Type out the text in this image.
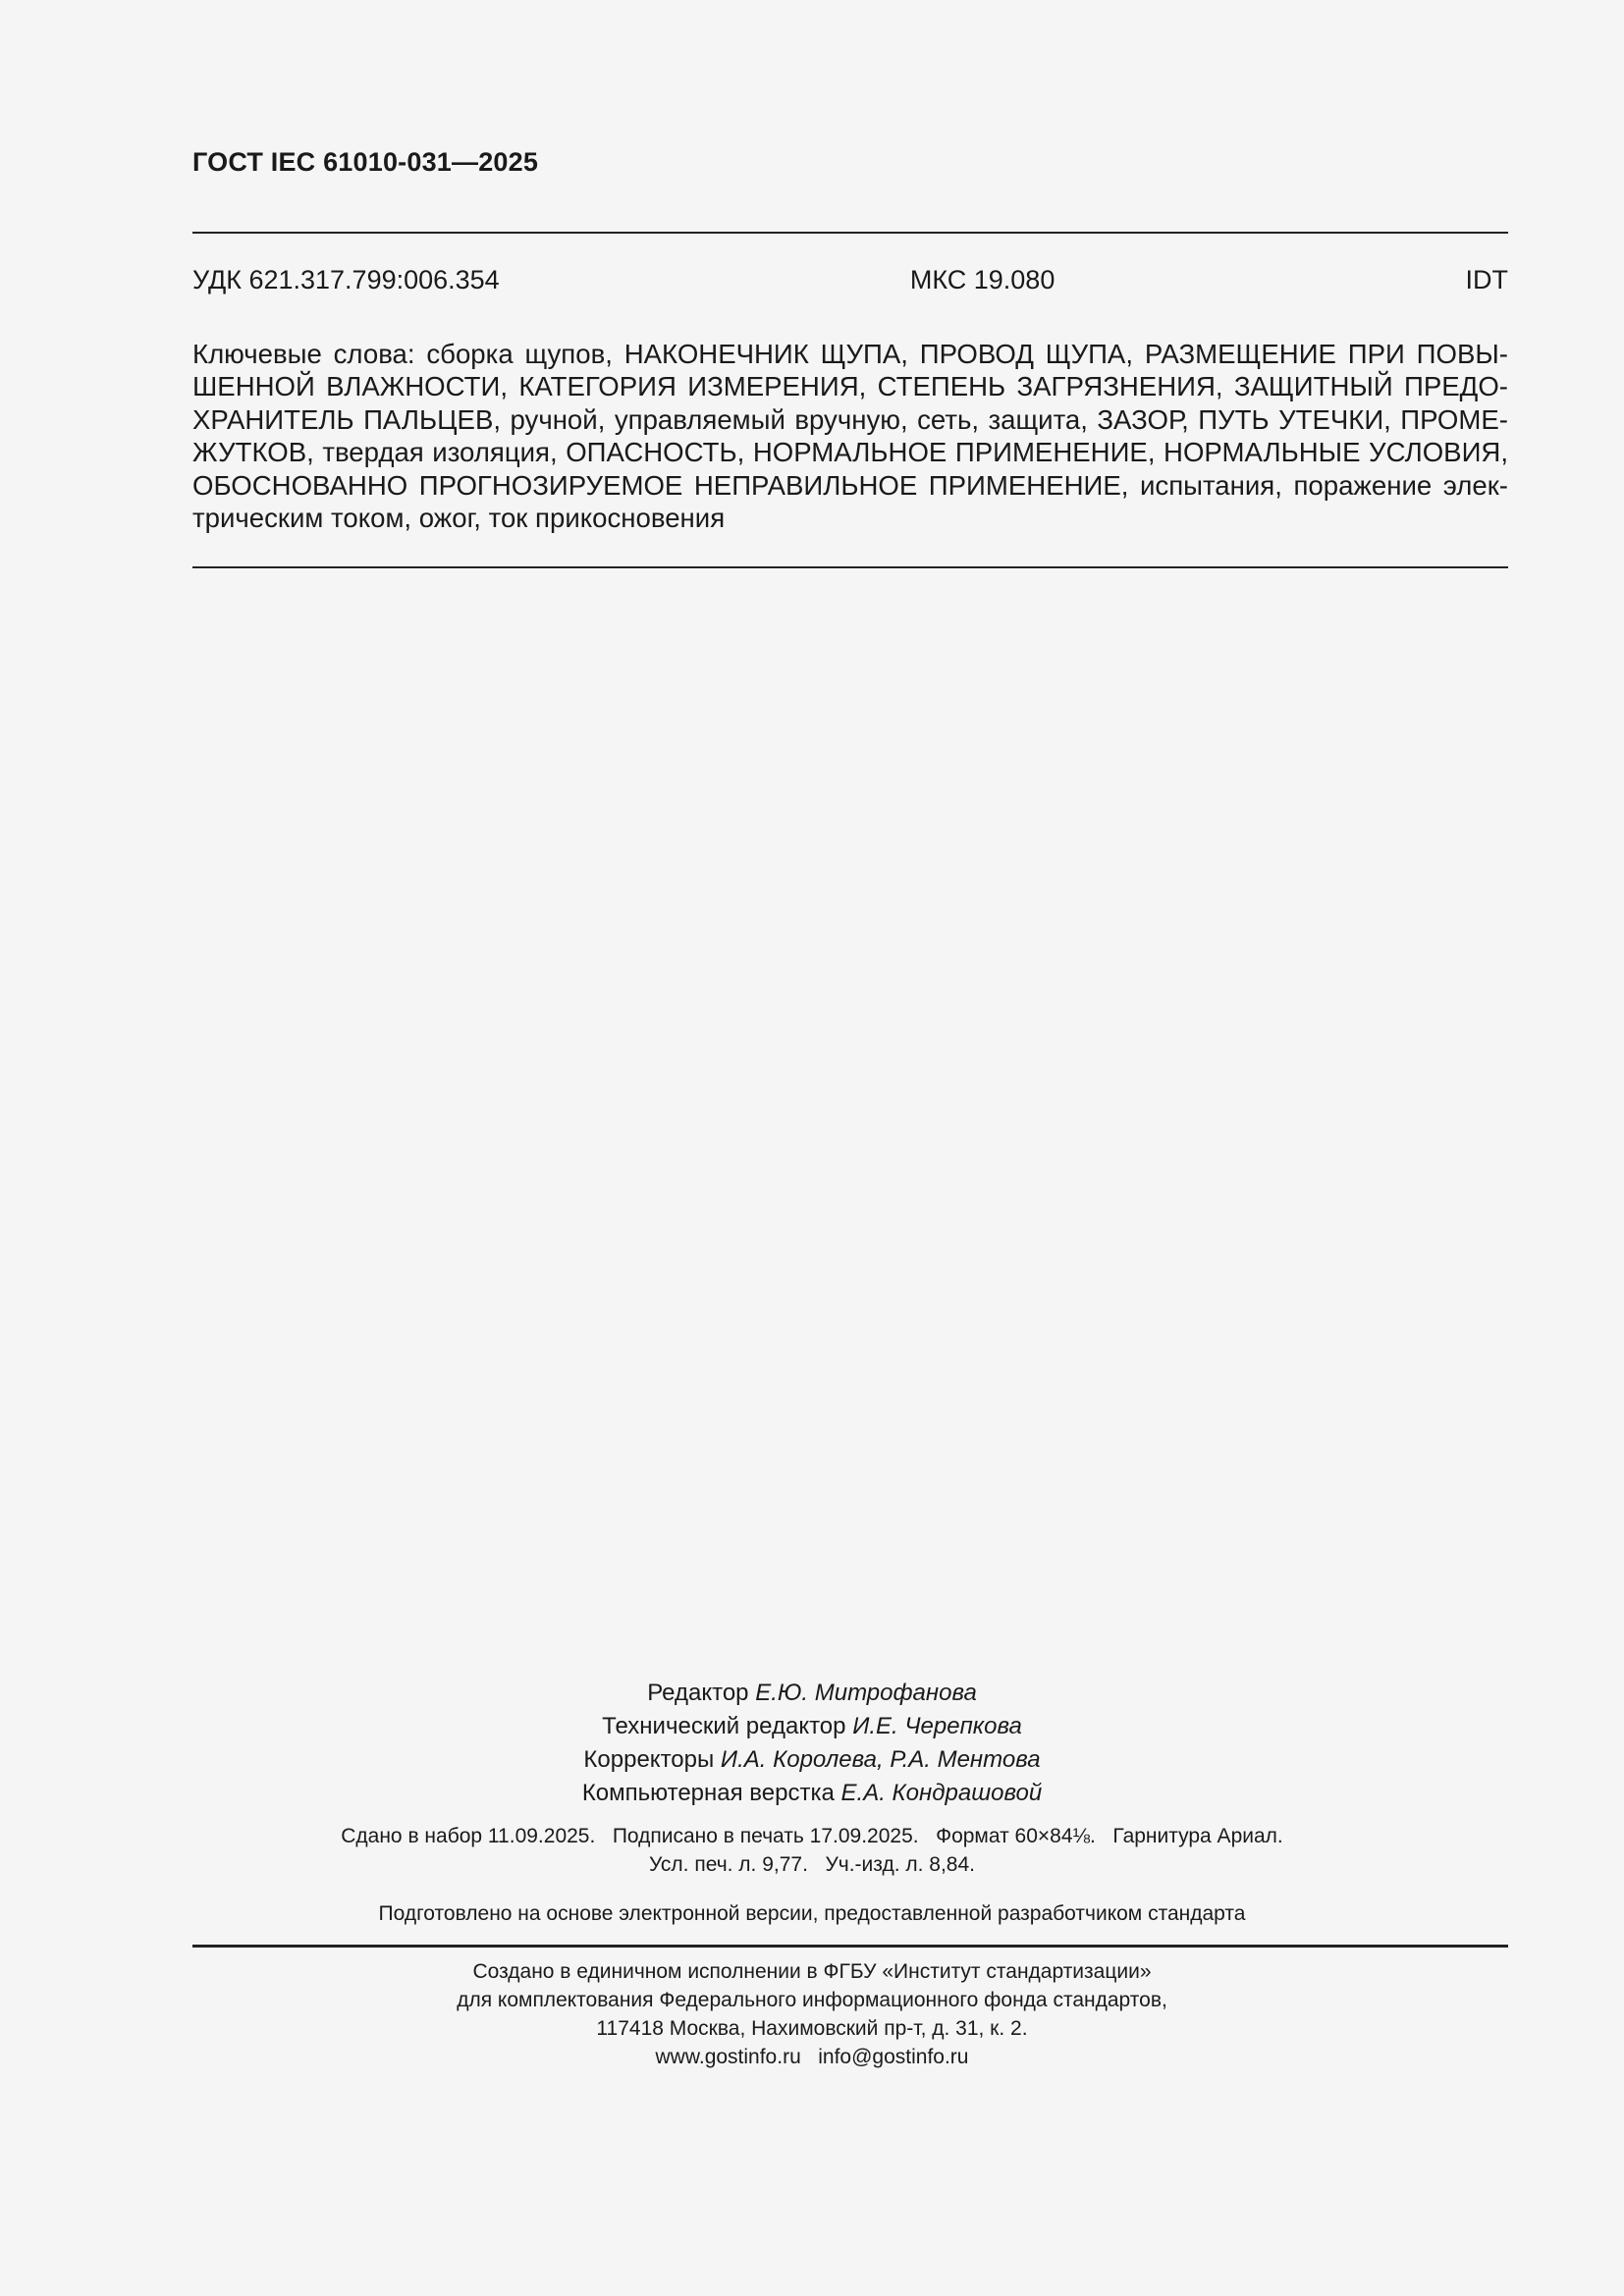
ГОСТ IEC 61010-031—2025
УДК 621.317.799:006.354	МКС 19.080	IDT
Ключевые слова: сборка щупов, НАКОНЕЧНИК ЩУПА, ПРОВОД ЩУПА, РАЗМЕЩЕНИЕ ПРИ ПОВЫШЕННОЙ ВЛАЖНОСТИ, КАТЕГОРИЯ ИЗМЕРЕНИЯ, СТЕПЕНЬ ЗАГРЯЗНЕНИЯ, ЗАЩИТНЫЙ ПРЕДОХРАНИТЕЛЬ ПАЛЬЦЕВ, ручной, управляемый вручную, сеть, защита, ЗАЗОР, ПУТЬ УТЕЧКИ, ПРОМЕЖУТКОВ, твердая изоляция, ОПАСНОСТЬ, НОРМАЛЬНОЕ ПРИМЕНЕНИЕ, НОРМАЛЬНЫЕ УСЛОВИЯ, ОБОСНОВАННО ПРОГНОЗИРУЕМОЕ НЕПРАВИЛЬНОЕ ПРИМЕНЕНИЕ, испытания, поражение электрическим током, ожог, ток прикосновения
Редактор Е.Ю. Митрофанова
Технический редактор И.Е. Черепкова
Корректоры И.А. Королева, Р.А. Ментова
Компьютерная верстка Е.А. Кондрашовой
Сдано в набор 11.09.2025.   Подписано в печать 17.09.2025.   Формат 60×84⅛.   Гарнитура Ариал.
Усл. печ. л. 9,77.   Уч.-изд. л. 8,84.
Подготовлено на основе электронной версии, предоставленной разработчиком стандарта
Создано в единичном исполнении в ФГБУ «Институт стандартизации»
для комплектования Федерального информационного фонда стандартов,
117418 Москва, Нахимовский пр-т, д. 31, к. 2.
www.gostinfo.ru   info@gostinfo.ru
